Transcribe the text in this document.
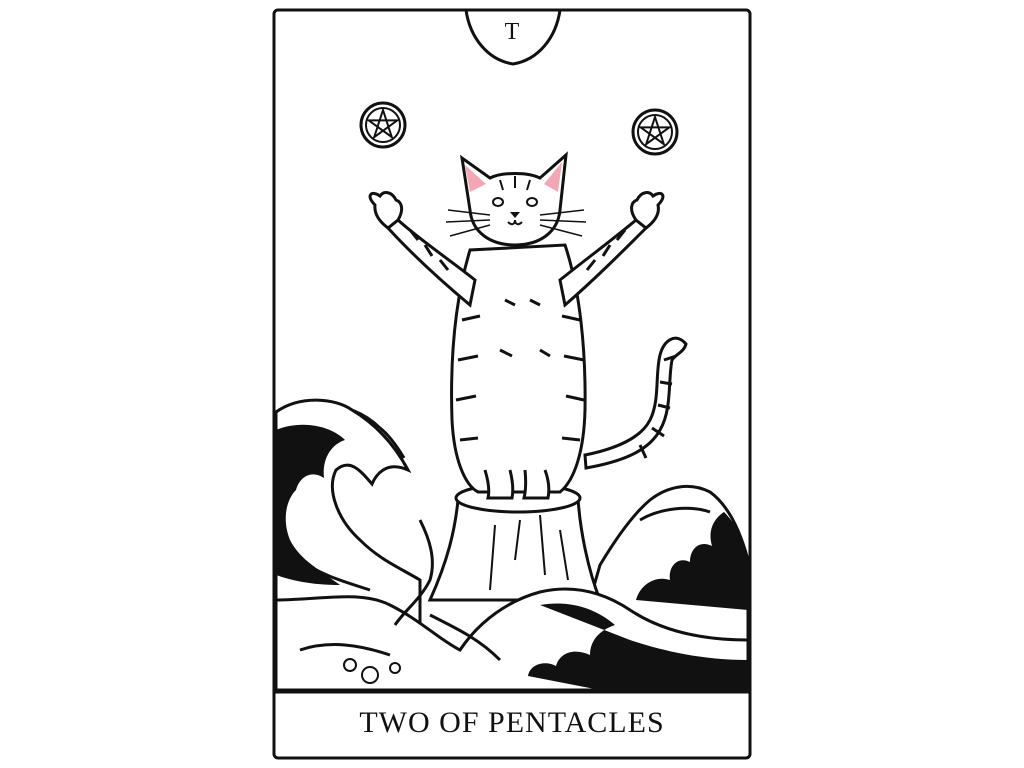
T
TWO OF PENTACLES
